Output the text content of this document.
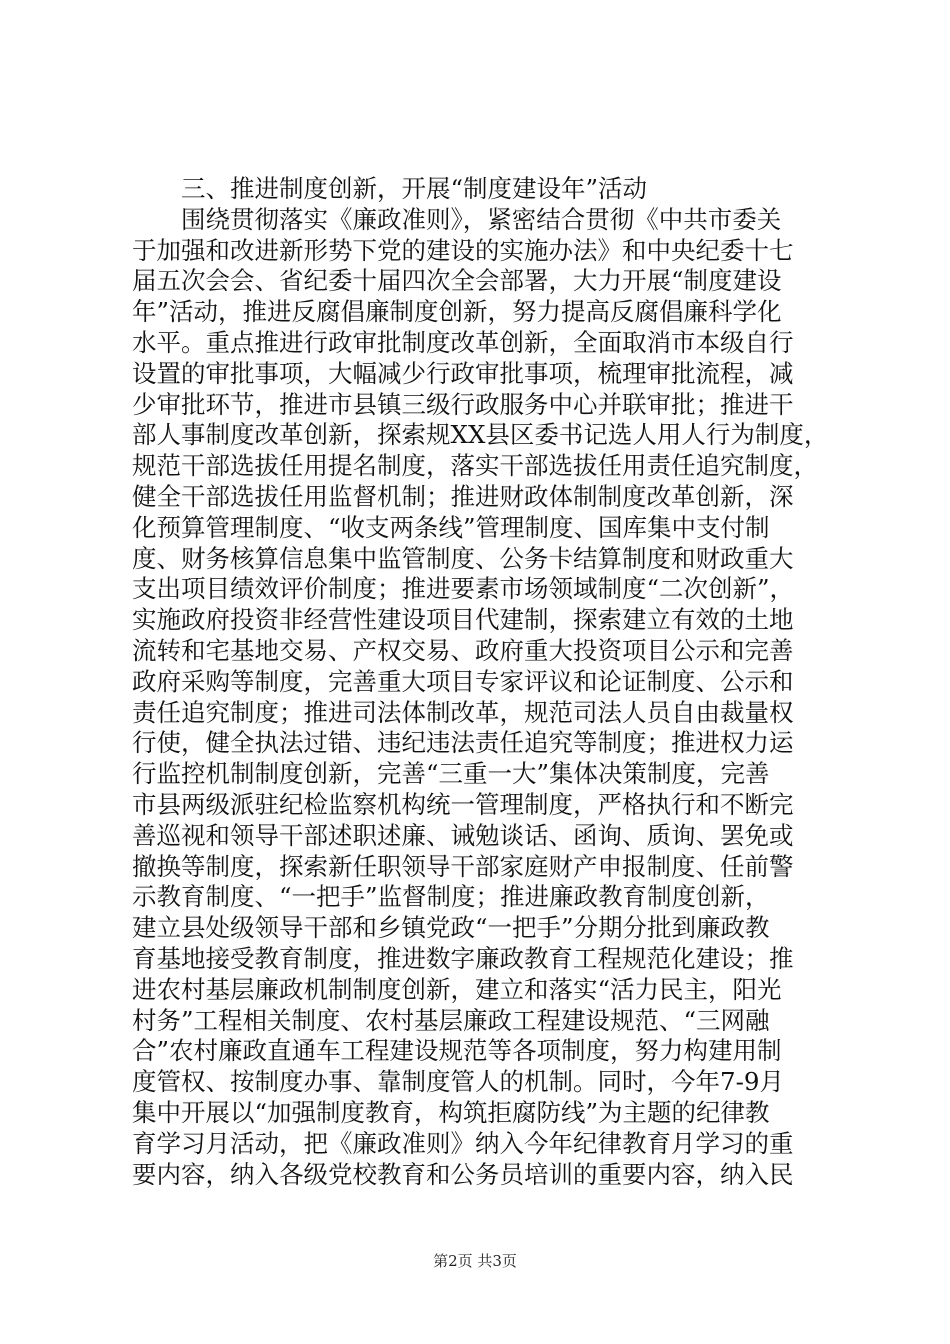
三、推进制度创新，开展“制度建设年”活动
围绕贯彻落实《廉政准则》，紧密结合贯彻《中共市委关
于加强和改进新形势下党的建设的实施办法》和中央纪委十七
届五次会会、省纪委十届四次全会部署，大力开展“制度建设
年”活动，推进反腐倡廉制度创新，努力提高反腐倡廉科学化
水平。重点推进行政审批制度改革创新，全面取消市本级自行
设置的审批事项，大幅减少行政审批事项，梳理审批流程，减
少审批环节，推进市县镇三级行政服务中心并联审批；推进干
部人事制度改革创新，探索规XX县区委书记选人用人行为制度，
规范干部选拔任用提名制度，落实干部选拔任用责任追究制度，
健全干部选拔任用监督机制；推进财政体制制度改革创新，深
化预算管理制度、“收支两条线”管理制度、国库集中支付制
度、财务核算信息集中监管制度、公务卡结算制度和财政重大
支出项目绩效评价制度；推进要素市场领域制度“二次创新”，
实施政府投资非经营性建设项目代建制，探索建立有效的土地
流转和宅基地交易、产权交易、政府重大投资项目公示和完善
政府采购等制度，完善重大项目专家评议和论证制度、公示和
责任追究制度；推进司法体制改革，规范司法人员自由裁量权
行使，健全执法过错、违纪违法责任追究等制度；推进权力运
行监控机制制度创新，完善“三重一大”集体决策制度，完善
市县两级派驻纪检监察机构统一管理制度，严格执行和不断完
善巡视和领导干部述职述廉、诫勉谈话、函询、质询、罢免或
撤换等制度，探索新任职领导干部家庭财产申报制度、任前警
示教育制度、“一把手”监督制度；推进廉政教育制度创新，
建立县处级领导干部和乡镇党政“一把手”分期分批到廉政教
育基地接受教育制度，推进数字廉政教育工程规范化建设；推
进农村基层廉政机制制度创新，建立和落实“活力民主，阳光
村务”工程相关制度、农村基层廉政工程建设规范、“三网融
合”农村廉政直通车工程建设规范等各项制度，努力构建用制
度管权、按制度办事、靠制度管人的机制。同时，今年7-9月
集中开展以“加强制度教育，构筑拒腐防线”为主题的纪律教
育学习月活动，把《廉政准则》纳入今年纪律教育月学习的重
要内容，纳入各级党校教育和公务员培训的重要内容，纳入民
第2页 共3页
